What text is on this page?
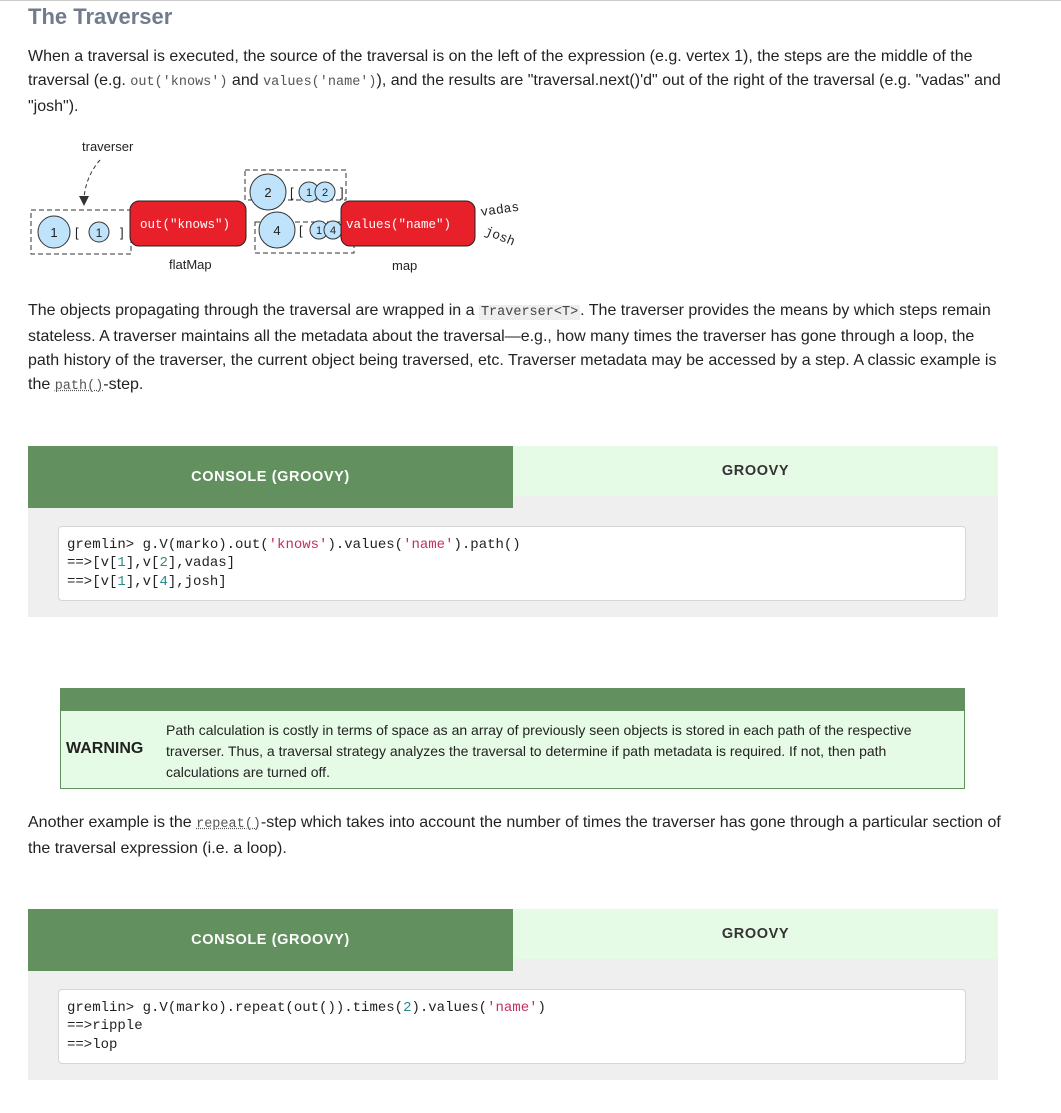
The Traverser

When a traversal is executed, the source of the traversal is on the left of the expression (e.g. vertex 1), the steps are the middle of the traversal (e.g. out('knows') and values('name')), and the results are "traversal.next()'d" out of the right of the traversal (e.g. "vadas" and "josh").

traverser
1 [ 1 ] out("knows")
flatMap
2 [ 1 2 ]
4 [ 1 4 values("name")
map
vadas
josh

The objects propagating through the traversal are wrapped in a Traverser<T> . The traverser provides the means by which steps remain stateless. A traverser maintains all the metadata about the traversal—e.g., how many times the traverser has gone through a loop, the path history of the traverser, the current object being traversed, etc. Traverser metadata may be accessed by a step. A classic example is the path()-step.

CONSOLE (GROOVY)	GROOVY
gremlin> g.V(marko).out('knows').values('name').path()
==>[v[1],v[2],vadas]
==>[v[1],v[4],josh]
WARNING
Path calculation is costly in terms of space as an array of previously seen objects is stored in each path of the respective traverser. Thus, a traversal strategy analyzes the traversal to determine if path metadata is required. If not, then path calculations are turned off.

Another example is the repeat()-step which takes into account the number of times the traverser has gone through a particular section of the traversal expression (i.e. a loop).

CONSOLE (GROOVY)	GROOVY
gremlin> g.V(marko).repeat(out()).times(2).values('name')
==>ripple
==>lop
